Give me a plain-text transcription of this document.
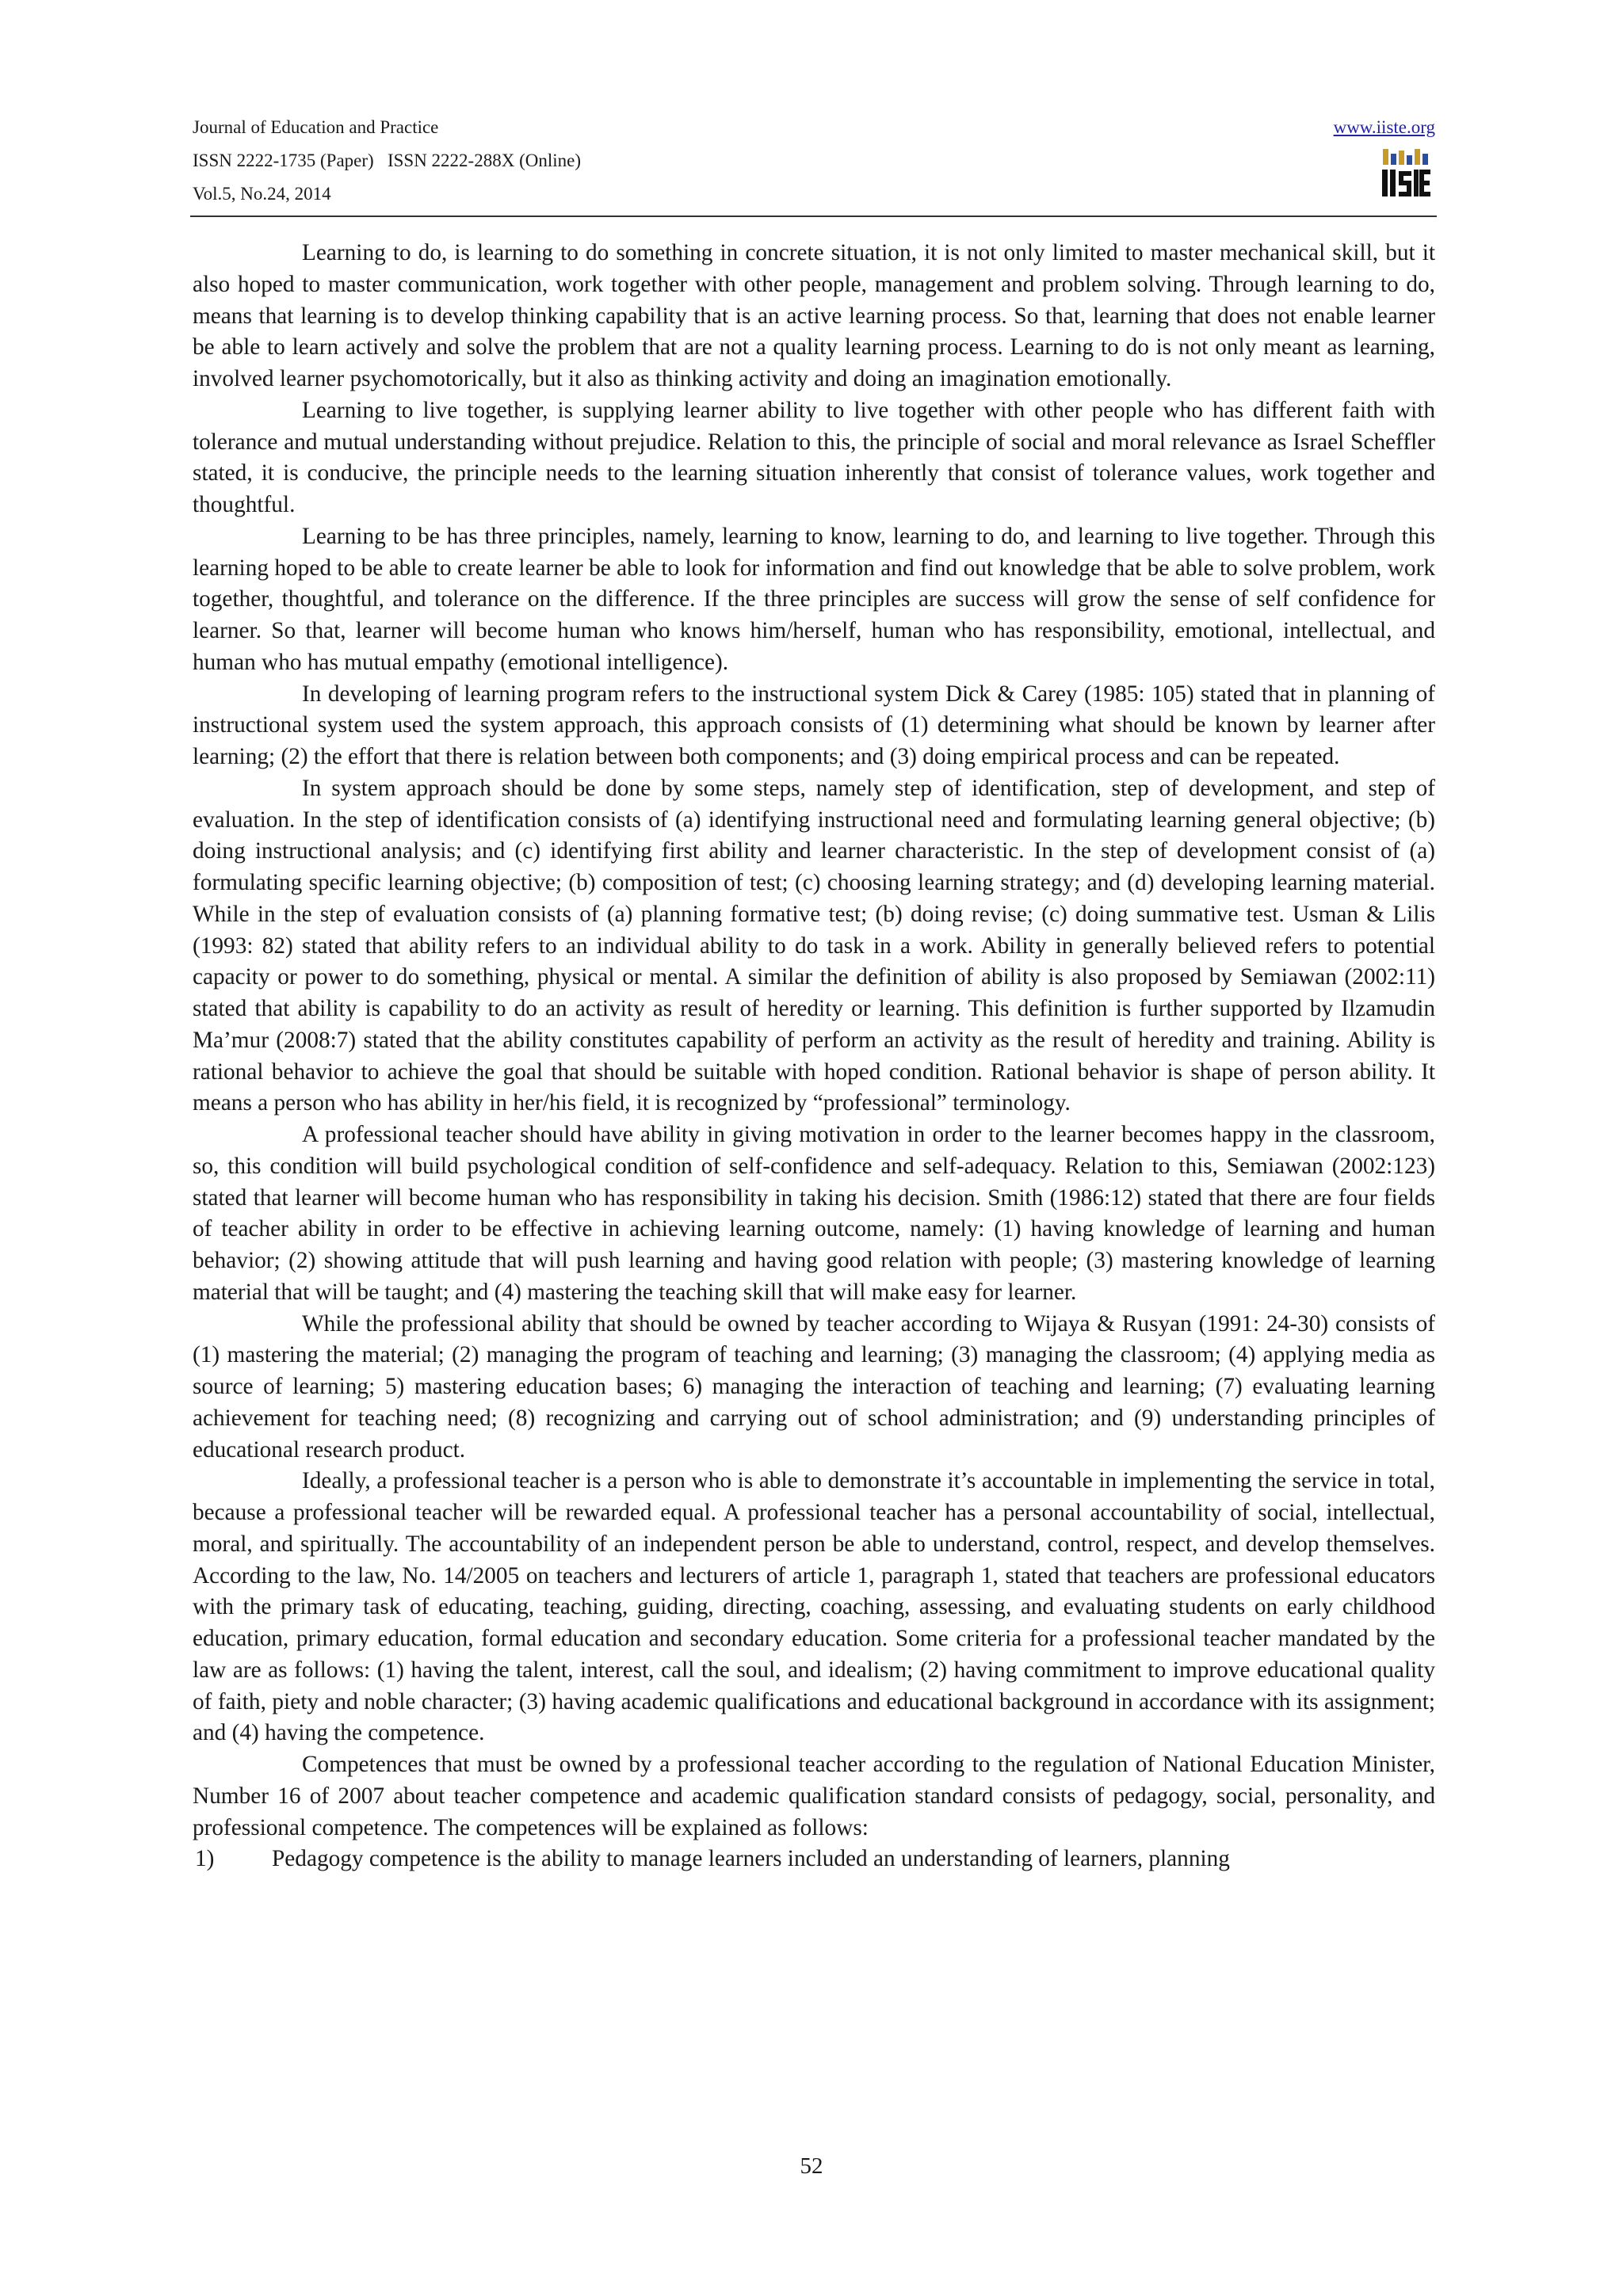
Journal of Education and Practice
ISSN 2222-1735 (Paper)   ISSN 2222-288X (Online)
Vol.5, No.24, 2014
www.iiste.org

Learning to do, is learning to do something in concrete situation, it is not only limited to master mechanical skill, but it also hoped to master communication, work together with other people, management and problem solving. Through learning to do, means that learning is to develop thinking capability that is an active learning process. So that, learning that does not enable learner be able to learn actively and solve the problem that are not a quality learning process. Learning to do is not only meant as learning, involved learner psychomotorically, but it also as thinking activity and doing an imagination emotionally.

Learning to live together, is supplying learner ability to live together with other people who has different faith with tolerance and mutual understanding without prejudice. Relation to this, the principle of social and moral relevance as Israel Scheffler stated, it is conducive, the principle needs to the learning situation inherently that consist of tolerance values, work together and thoughtful.

Learning to be has three principles, namely, learning to know, learning to do, and learning to live together. Through this learning hoped to be able to create learner be able to look for information and find out knowledge that be able to solve problem, work together, thoughtful, and tolerance on the difference. If the three principles are success will grow the sense of self confidence for learner. So that, learner will become human who knows him/herself, human who has responsibility, emotional, intellectual, and human who has mutual empathy (emotional intelligence).

In developing of learning program refers to the instructional system Dick & Carey (1985: 105) stated that in planning of instructional system used the system approach, this approach consists of (1) determining what should be known by learner after learning; (2) the effort that there is relation between both components; and (3) doing empirical process and can be repeated.

In system approach should be done by some steps, namely step of identification, step of development, and step of evaluation. In the step of identification consists of (a) identifying instructional need and formulating learning general objective; (b) doing instructional analysis; and (c) identifying first ability and learner characteristic. In the step of development consist of (a) formulating specific learning objective; (b) composition of test; (c) choosing learning strategy; and (d) developing learning material. While in the step of evaluation consists of (a) planning formative test; (b) doing revise; (c) doing summative test. Usman & Lilis (1993: 82) stated that ability refers to an individual ability to do task in a work. Ability in generally believed refers to potential capacity or power to do something, physical or mental. A similar the definition of ability is also proposed by Semiawan (2002:11) stated that ability is capability to do an activity as result of heredity or learning. This definition is further supported by Ilzamudin Ma’mur (2008:7) stated that the ability constitutes capability of perform an activity as the result of heredity and training. Ability is rational behavior to achieve the goal that should be suitable with hoped condition. Rational behavior is shape of person ability. It means a person who has ability in her/his field, it is recognized by “professional” terminology.

A professional teacher should have ability in giving motivation in order to the learner becomes happy in the classroom, so, this condition will build psychological condition of self-confidence and self-adequacy. Relation to this, Semiawan (2002:123) stated that learner will become human who has responsibility in taking his decision. Smith (1986:12) stated that there are four fields of teacher ability in order to be effective in achieving learning outcome, namely: (1) having knowledge of learning and human behavior; (2) showing attitude that will push learning and having good relation with people; (3) mastering knowledge of learning material that will be taught; and (4) mastering the teaching skill that will make easy for learner.

While the professional ability that should be owned by teacher according to Wijaya & Rusyan (1991: 24-30) consists of (1) mastering the material; (2) managing the program of teaching and learning; (3) managing the classroom; (4) applying media as source of learning; 5) mastering education bases; 6) managing the interaction of teaching and learning; (7) evaluating learning achievement for teaching need; (8) recognizing and carrying out of school administration; and (9) understanding principles of educational research product.

Ideally, a professional teacher is a person who is able to demonstrate it’s accountable in implementing the service in total, because a professional teacher will be rewarded equal. A professional teacher has a personal accountability of social, intellectual, moral, and spiritually. The accountability of an independent person be able to understand, control, respect, and develop themselves. According to the law, No. 14/2005 on teachers and lecturers of article 1, paragraph 1, stated that teachers are professional educators with the primary task of educating, teaching, guiding, directing, coaching, assessing, and evaluating students on early childhood education, primary education, formal education and secondary education. Some criteria for a professional teacher mandated by the law are as follows: (1) having the talent, interest, call the soul, and idealism; (2) having commitment to improve educational quality of faith, piety and noble character; (3) having academic qualifications and educational background in accordance with its assignment; and (4) having the competence.

Competences that must be owned by a professional teacher according to the regulation of National Education Minister, Number 16 of 2007 about teacher competence and academic qualification standard consists of pedagogy, social, personality, and professional competence. The competences will be explained as follows:

1) Pedagogy competence is the ability to manage learners included an understanding of learners, planning

52
